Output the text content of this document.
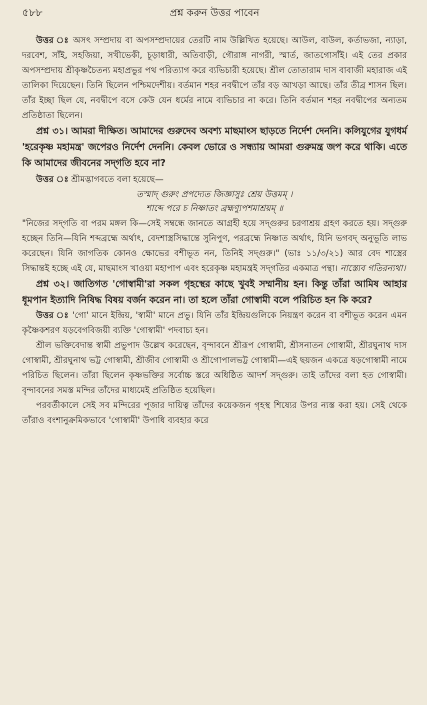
৫৮৮	প্রশ্ন করুন উত্তর পাবেন

উত্তর ঃ অসৎ সম্প্রদায় বা অপসম্প্রদায়ের তেরটি নাম উল্লিখিত হয়েছে। আউল, বাউল, কর্তাভজা, ন্যাড়া, দরবেশ, সাঁই, সহজিয়া, সখীভেকী, চূড়াধারী, অতিবাড়ী, গৌরাঙ্গ নাগরী, স্মার্ত, জাতগোসাঁই। এই তের প্রকার অপসম্প্রদায় শ্রীকৃষ্ণচৈতন্য মহাপ্রভুর পথ পরিত্যাগ করে ব্যভিচারী হয়েছে। শ্রীল তোতারাম দাস বাবাজী মহারাজ এই তালিকা দিয়েছেন। তিনি ছিলেন পশ্চিমদেশীয়। বর্তমান শহর নবদ্বীপে তাঁর বড় আখড়া আছে। তাঁর তীব্র শাসন ছিল। তাঁর ইচ্ছা ছিল যে, নবদ্বীপে বসে কেউ যেন ধর্মের নামে ব্যভিচার না করে। তিনি বর্তমান শহর নবদ্বীপের অন্যতম প্রতিষ্ঠাতা ছিলেন।

প্রশ্ন ৩১। আমরা দীক্ষিত। আমাদের গুরুদেব অবশ্য মাছমাংস ছাড়তে নির্দেশ দেননি। কলিযুগের যুগধর্ম 'হরেকৃষ্ণ মহামন্ত্র' জপেরও নির্দেশ দেননি। কেবল ভোরে ও সন্ধ্যায় আমরা গুরুমন্ত্র জপ করে থাকি। এতে কি আমাদের জীবনের সদ্‌গতি হবে না?

উত্তর ঃ শ্রীমদ্ভাগবতে বলা হয়েছে—

তস্মাদ্‌ গুরুং প্রপদ্যেত জিজ্ঞাসুঃ শ্রেয় উত্তমম্‌ ।

শাব্দে পরে চ নিষ্ণাতং ব্রহ্মণ্যুপশমাশ্রয়ম্‌ ॥

"নিজের সদ্‌গতি বা পরম মঙ্গল কি—সেই সম্বন্ধে জানতে আগ্রহী হয়ে সদ্‌গুরুর চরণাশ্রয় গ্রহণ করতে হয়। সদ্‌গুরু হচ্ছেন তিনি—যিনি শব্দব্রহ্মে অর্থাৎ, বেদশাস্ত্রসিদ্ধান্তে সুনিপুণ, পরব্রহ্মে নিষ্ণাত অর্থাৎ, যিনি ভগবদ্‌ অনুভূতি লাভ করেছেন। যিনি জাগতিক কোনও ক্ষোভের বশীভূত নন, তিনিই সদ্‌গুরু।" (ভাঃ ১১/৩/২১) আর বেদ শাস্ত্রের সিদ্ধান্তই হচ্ছে এই যে, মাছমাংস খাওয়া মহাপাপ এবং হরেকৃষ্ণ মহামন্ত্রই সদ্‌গতির একমাত্র পন্থা। নাস্ত্যেব গতিরন্যথা।

প্রশ্ন ৩২। জাতিগত 'গোস্বামী'রা সকল গৃহস্থের কাছে খুবই সম্মানীয় হন। কিন্তু তাঁরা আমিষ আহার ধূমপান ইত্যাদি নিষিদ্ধ বিষয় বর্জন করেন না। তা হলে তাঁরা গোস্বামী বলে পরিচিত হন কি করে?

উত্তর ঃ 'গো' মানে ইন্দ্রিয়, 'স্বামী' মানে প্রভু। যিনি তাঁর ইন্দ্রিয়গুলিকে নিয়ন্ত্রণ করেন বা বশীভূত করেন এমন কৃষ্ণৈকশরণ যড়বেগবিজয়ী ব্যক্তি 'গোস্বামী' পদবাচ্য হন।

শ্রীল ভক্তিবেদান্ত স্বামী প্রভুপাদ উল্লেখ করেছেন, বৃন্দাবনে শ্রীরূপ গোস্বামী, শ্রীসনাতন গোস্বামী, শ্রীরঘুনাথ দাস গোস্বামী, শ্রীরঘুনাথ ভট্ট গোস্বামী, শ্রীজীব গোস্বামী ও শ্রীগোপালভট্ট গোস্বামী—এই ছয়জন একত্রে ষড়গোস্বামী নামে পরিচিত ছিলেন। তাঁরা ছিলেন কৃষ্ণভক্তির সর্বোচ্চ স্তরে অধিষ্ঠিত আদর্শ সদ্‌গুরু। তাই তাঁদের বলা হত গোস্বামী। বৃন্দাবনের সমস্ত মন্দির তাঁদের মাধ্যমেই প্রতিষ্ঠিত হয়েছিল।

পরবর্তীকালে সেই সব মন্দিরের পূজার দায়িত্ব তাঁদের কয়েকজন গৃহস্থ শিষ্যের উপর ন্যস্ত করা হয়। সেই থেকে তাঁরাও বংশানুক্রমিকভাবে 'গোস্বামী' উপাধি ব্যবহার করে
